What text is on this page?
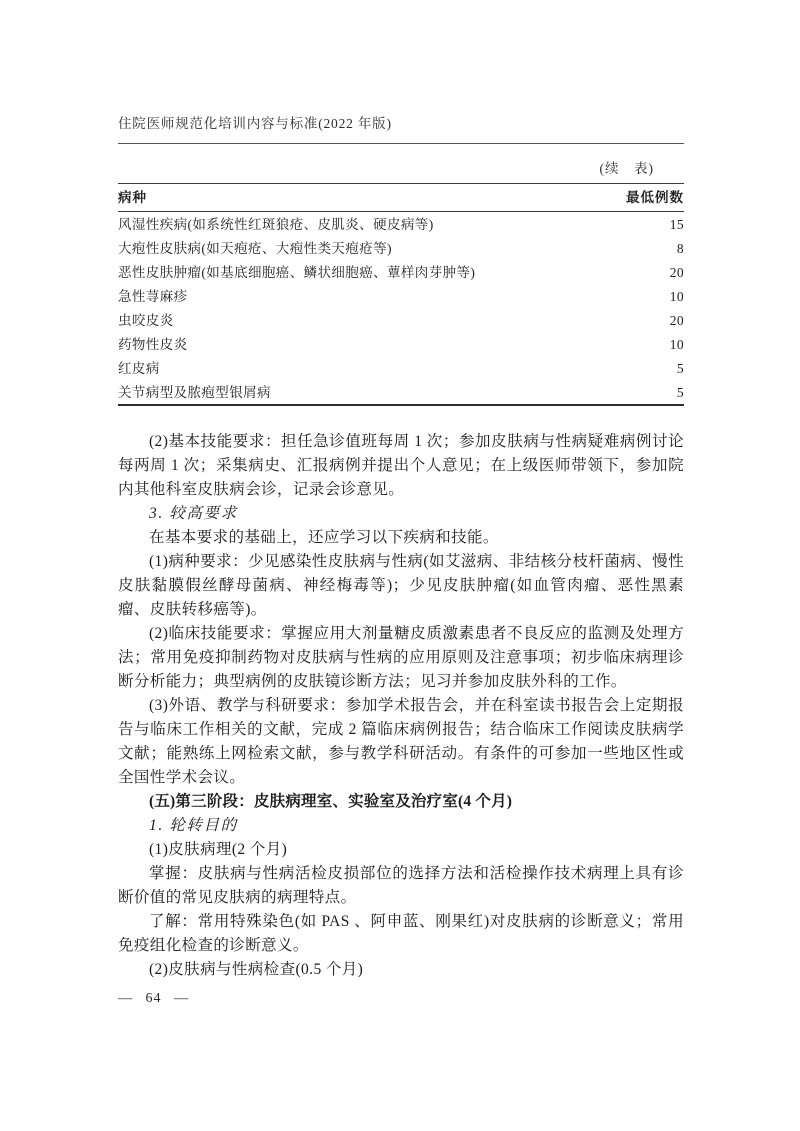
住院医师规范化培训内容与标准(2022 年版)
(续　表)
病种	最低例数
风湿性疾病(如系统性红斑狼疮、皮肌炎、硬皮病等)	15
大疱性皮肤病(如天疱疮、大疱性类天疱疮等)	8
恶性皮肤肿瘤(如基底细胞癌、鳞状细胞癌、蕈样肉芽肿等)	20
急性荨麻疹	10
虫咬皮炎	20
药物性皮炎	10
红皮病	5
关节病型及脓疱型银屑病	5

(2)基本技能要求：担任急诊值班每周 1 次；参加皮肤病与性病疑难病例讨论每两周 1 次；采集病史、汇报病例并提出个人意见；在上级医师带领下，参加院内其他科室皮肤病会诊，记录会诊意见。

3. 较高要求

在基本要求的基础上，还应学习以下疾病和技能。

(1)病种要求：少见感染性皮肤病与性病(如艾滋病、非结核分枝杆菌病、慢性皮肤黏膜假丝酵母菌病、神经梅毒等)；少见皮肤肿瘤(如血管肉瘤、恶性黑素瘤、皮肤转移癌等)。

(2)临床技能要求：掌握应用大剂量糖皮质激素患者不良反应的监测及处理方法；常用免疫抑制药物对皮肤病与性病的应用原则及注意事项；初步临床病理诊断分析能力；典型病例的皮肤镜诊断方法；见习并参加皮肤外科的工作。

(3)外语、教学与科研要求：参加学术报告会，并在科室读书报告会上定期报告与临床工作相关的文献，完成 2 篇临床病例报告；结合临床工作阅读皮肤病学文献；能熟练上网检索文献，参与教学科研活动。有条件的可参加一些地区性或全国性学术会议。

(五)第三阶段：皮肤病理室、实验室及治疗室(4 个月)

1. 轮转目的

(1)皮肤病理(2 个月)

掌握：皮肤病与性病活检皮损部位的选择方法和活检操作技术病理上具有诊断价值的常见皮肤病的病理特点。

了解：常用特殊染色(如 PAS 、阿申蓝、刚果红)对皮肤病的诊断意义；常用免疫组化检查的诊断意义。

(2)皮肤病与性病检查(0.5 个月)

— 64 —
